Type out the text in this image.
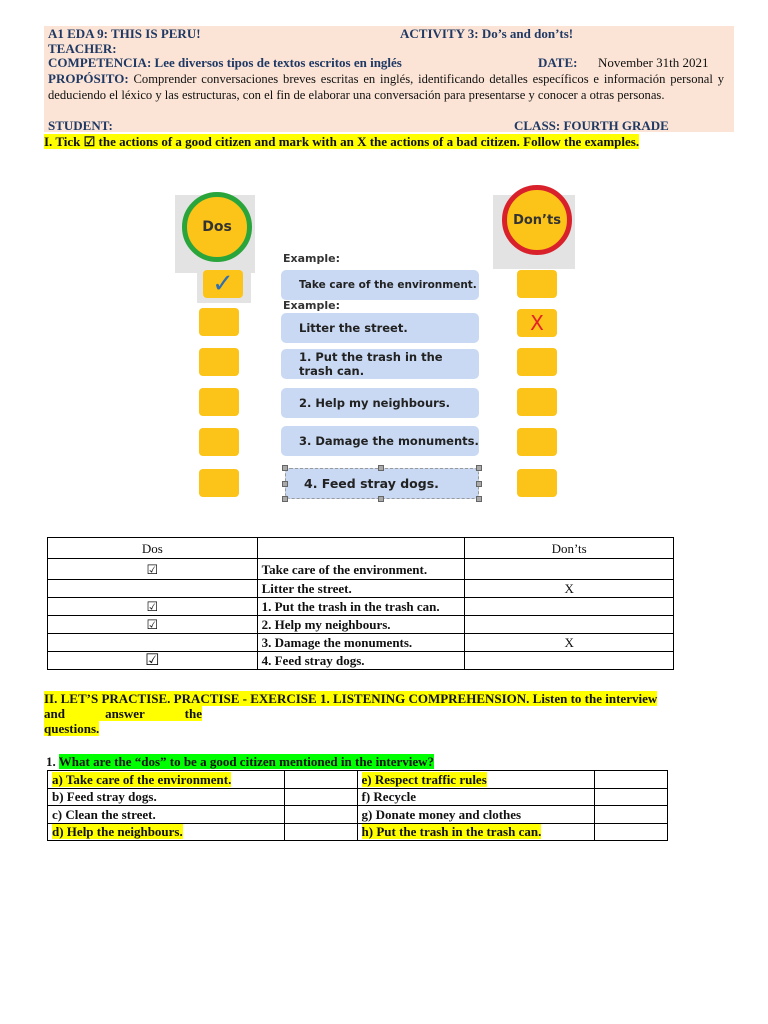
A1 EDA 9: THIS IS PERU!	ACTIVITY 3: Do’s and don’ts!
TEACHER:
COMPETENCIA: Lee diversos tipos de textos escritos en inglés	DATE: November 31th 2021
PROPÓSITO: Comprender conversaciones breves escritas en inglés, identificando detalles específicos e información personal y deduciendo el léxico y las estructuras, con el fin de elaborar una conversación para presentarse y conocer a otras personas.
STUDENT:	CLASS: FOURTH GRADE
I. Tick ☑ the actions of a good citizen and mark with an X the actions of a bad citizen. Follow the examples.
Dos
✓
Don’ts
X
Example:
Take care of the environment.
Example:
Litter the street.
1. Put the trash in the trash can.
2. Help my neighbours.
3. Damage the monuments.
4. Feed stray dogs.
Dos		Don’ts
☑	Take care of the environment.	
	Litter the street.	X
☑	1. Put the trash in the trash can.	
☑	2. Help my neighbours.	
	3. Damage the monuments.	X
☑	4. Feed stray dogs.	
II. LET’S PRACTISE. PRACTISE - EXERCISE 1. LISTENING COMPREHENSION. Listen to the interview
and answer the
questions.
1. What are the “dos” to be a good citizen mentioned in the interview?
a) Take care of the environment.		e) Respect traffic rules	
b) Feed stray dogs.		f) Recycle	
c) Clean the street.		g) Donate money and clothes	
d) Help the neighbours.		h) Put the trash in the trash can.	
